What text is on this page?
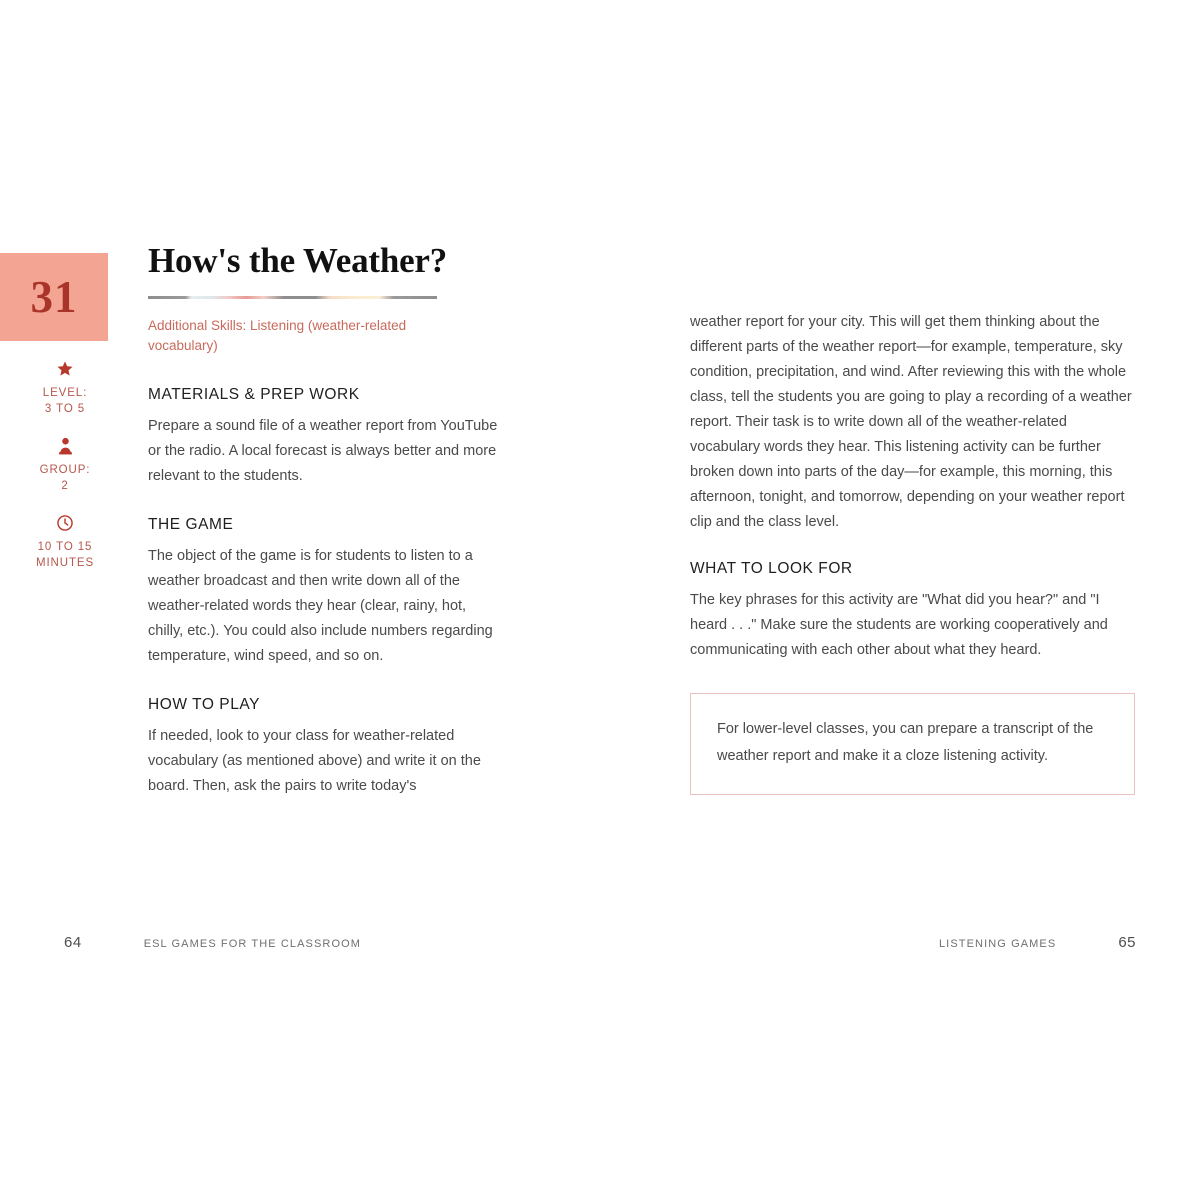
31
LEVEL:
3 TO 5
GROUP:
2
10 TO 15
MINUTES
How's the Weather?

Additional Skills: Listening (weather-related vocabulary)

MATERIALS & PREP WORK

Prepare a sound file of a weather report from YouTube or the radio. A local forecast is always better and more relevant to the students.

THE GAME

The object of the game is for students to listen to a weather broadcast and then write down all of the weather-related words they hear (clear, rainy, hot, chilly, etc.). You could also include numbers regarding temperature, wind speed, and so on.

HOW TO PLAY

If needed, look to your class for weather-related vocabulary (as mentioned above) and write it on the board. Then, ask the pairs to write today's

weather report for your city. This will get them thinking about the different parts of the weather report—for example, temperature, sky condition, precipitation, and wind. After reviewing this with the whole class, tell the students you are going to play a recording of a weather report. Their task is to write down all of the weather-related vocabulary words they hear. This listening activity can be further broken down into parts of the day—for example, this morning, this afternoon, tonight, and tomorrow, depending on your weather report clip and the class level.

WHAT TO LOOK FOR

The key phrases for this activity are "What did you hear?" and "I heard . . ." Make sure the students are working cooperatively and communicating with each other about what they heard.

For lower-level classes, you can prepare a transcript of the weather report and make it a cloze listening activity.

64	ESL GAMES FOR THE CLASSROOM	LISTENING GAMES	65
